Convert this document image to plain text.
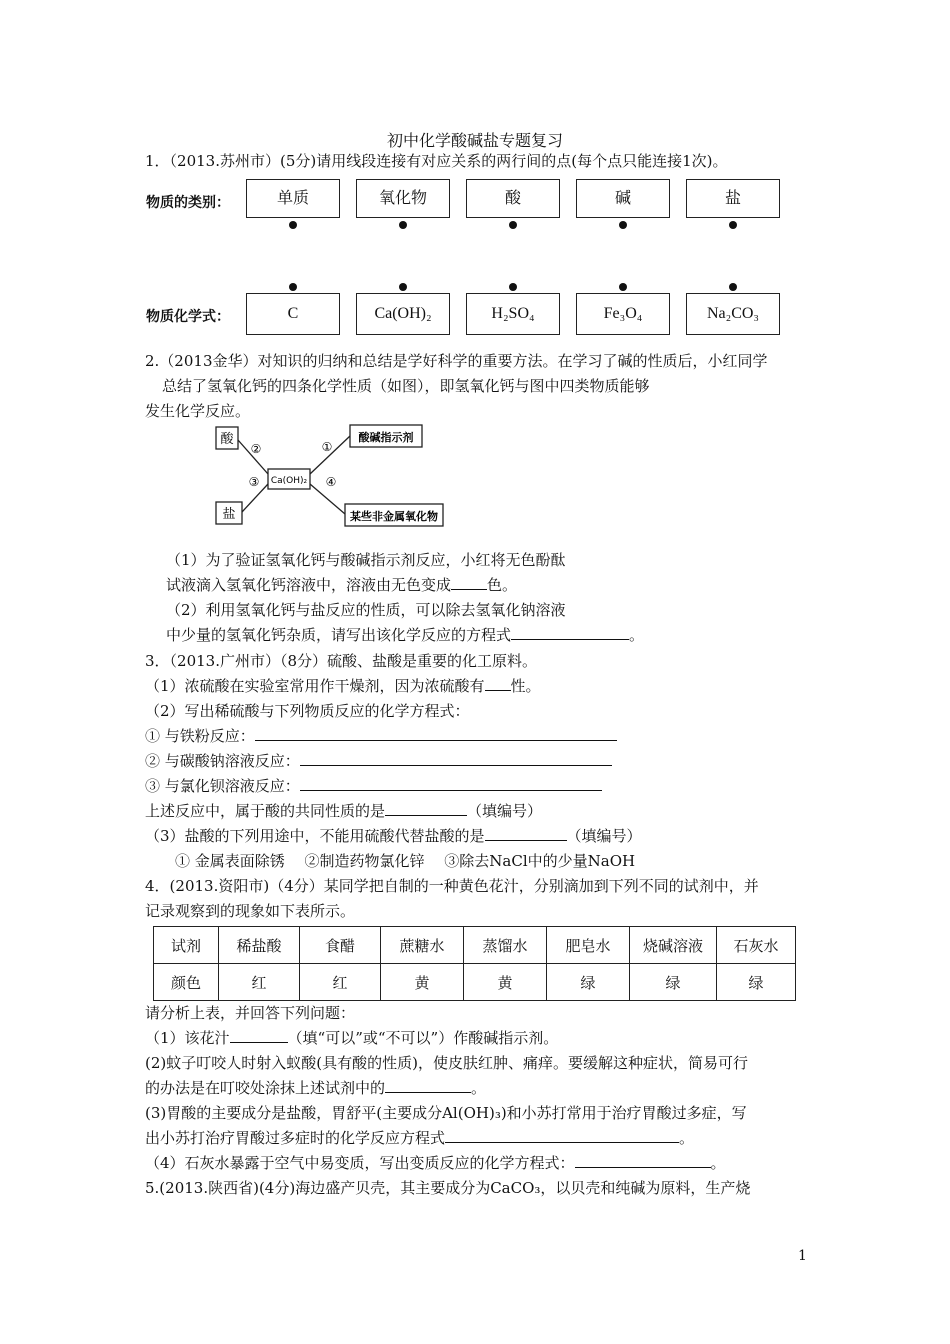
初中化学酸碱盐专题复习
1．（2013.苏州市）(5分)请用线段连接有对应关系的两行间的点(每个点只能连接1次)。
物质的类别：	单质	氧化物	酸	碱	盐
物质化学式：	C	Ca(OH)₂	H₂SO₄	Fe₃O₄	Na₂CO₃
2.（2013金华）对知识的归纳和总结是学好科学的重要方法。在学习了碱的性质后，小红同学
总结了氢氧化钙的四条化学性质（如图），即氢氧化钙与图中四类物质能够
发生化学反应。
酸
盐
酸碱指示剂
某些非金属氧化物
Ca(OH)₂
②	①
③	④
（1）为了验证氢氧化钙与酸碱指示剂反应，小红将无色酚酞
试液滴入氢氧化钙溶液中，溶液由无色变成 色。
（2）利用氢氧化钙与盐反应的性质，可以除去氢氧化钠溶液
中少量的氢氧化钙杂质，请写出该化学反应的方程式	。
3．（2013.广州市）（8分）硫酸、盐酸是重要的化工原料。
（1）浓硫酸在实验室常用作干燥剂，因为浓硫酸有 性。
（2）写出稀硫酸与下列物质反应的化学方程式：
① 与铁粉反应：
② 与碳酸钠溶液反应：
③ 与氯化钡溶液反应：
上述反应中，属于酸的共同性质的是	（填编号）
（3）盐酸的下列用途中，不能用硫酸代替盐酸的是	（填编号）
① 金属表面除锈　 ②制造药物氯化锌　 ③除去NaCl中的少量NaOH
4．(2013.资阳市)（4分）某同学把自制的一种黄色花汁，分别滴加到下列不同的试剂中，并
记录观察到的现象如下表所示。
试剂	稀盐酸	食醋	蔗糖水	蒸馏水	肥皂水	烧碱溶液	石灰水
颜色	红	红	黄	黄	绿	绿	绿
请分析上表，并回答下列问题：
（1）该花汁	（填“可以”或“不可以”）作酸碱指示剂。
(2)蚊子叮咬人时射入蚁酸(具有酸的性质)，使皮肤红肿、痛痒。要缓解这种症状，简易可行
的办法是在叮咬处涂抹上述试剂中的	。
(3)胃酸的主要成分是盐酸，胃舒平(主要成分Al(OH)₃)和小苏打常用于治疗胃酸过多症，写
出小苏打治疗胃酸过多症时的化学反应方程式	。
（4）石灰水暴露于空气中易变质，写出变质反应的化学方程式：	。
5.(2013.陕西省)(4分)海边盛产贝壳，其主要成分为CaCO₃，以贝壳和纯碱为原料，生产烧
1
